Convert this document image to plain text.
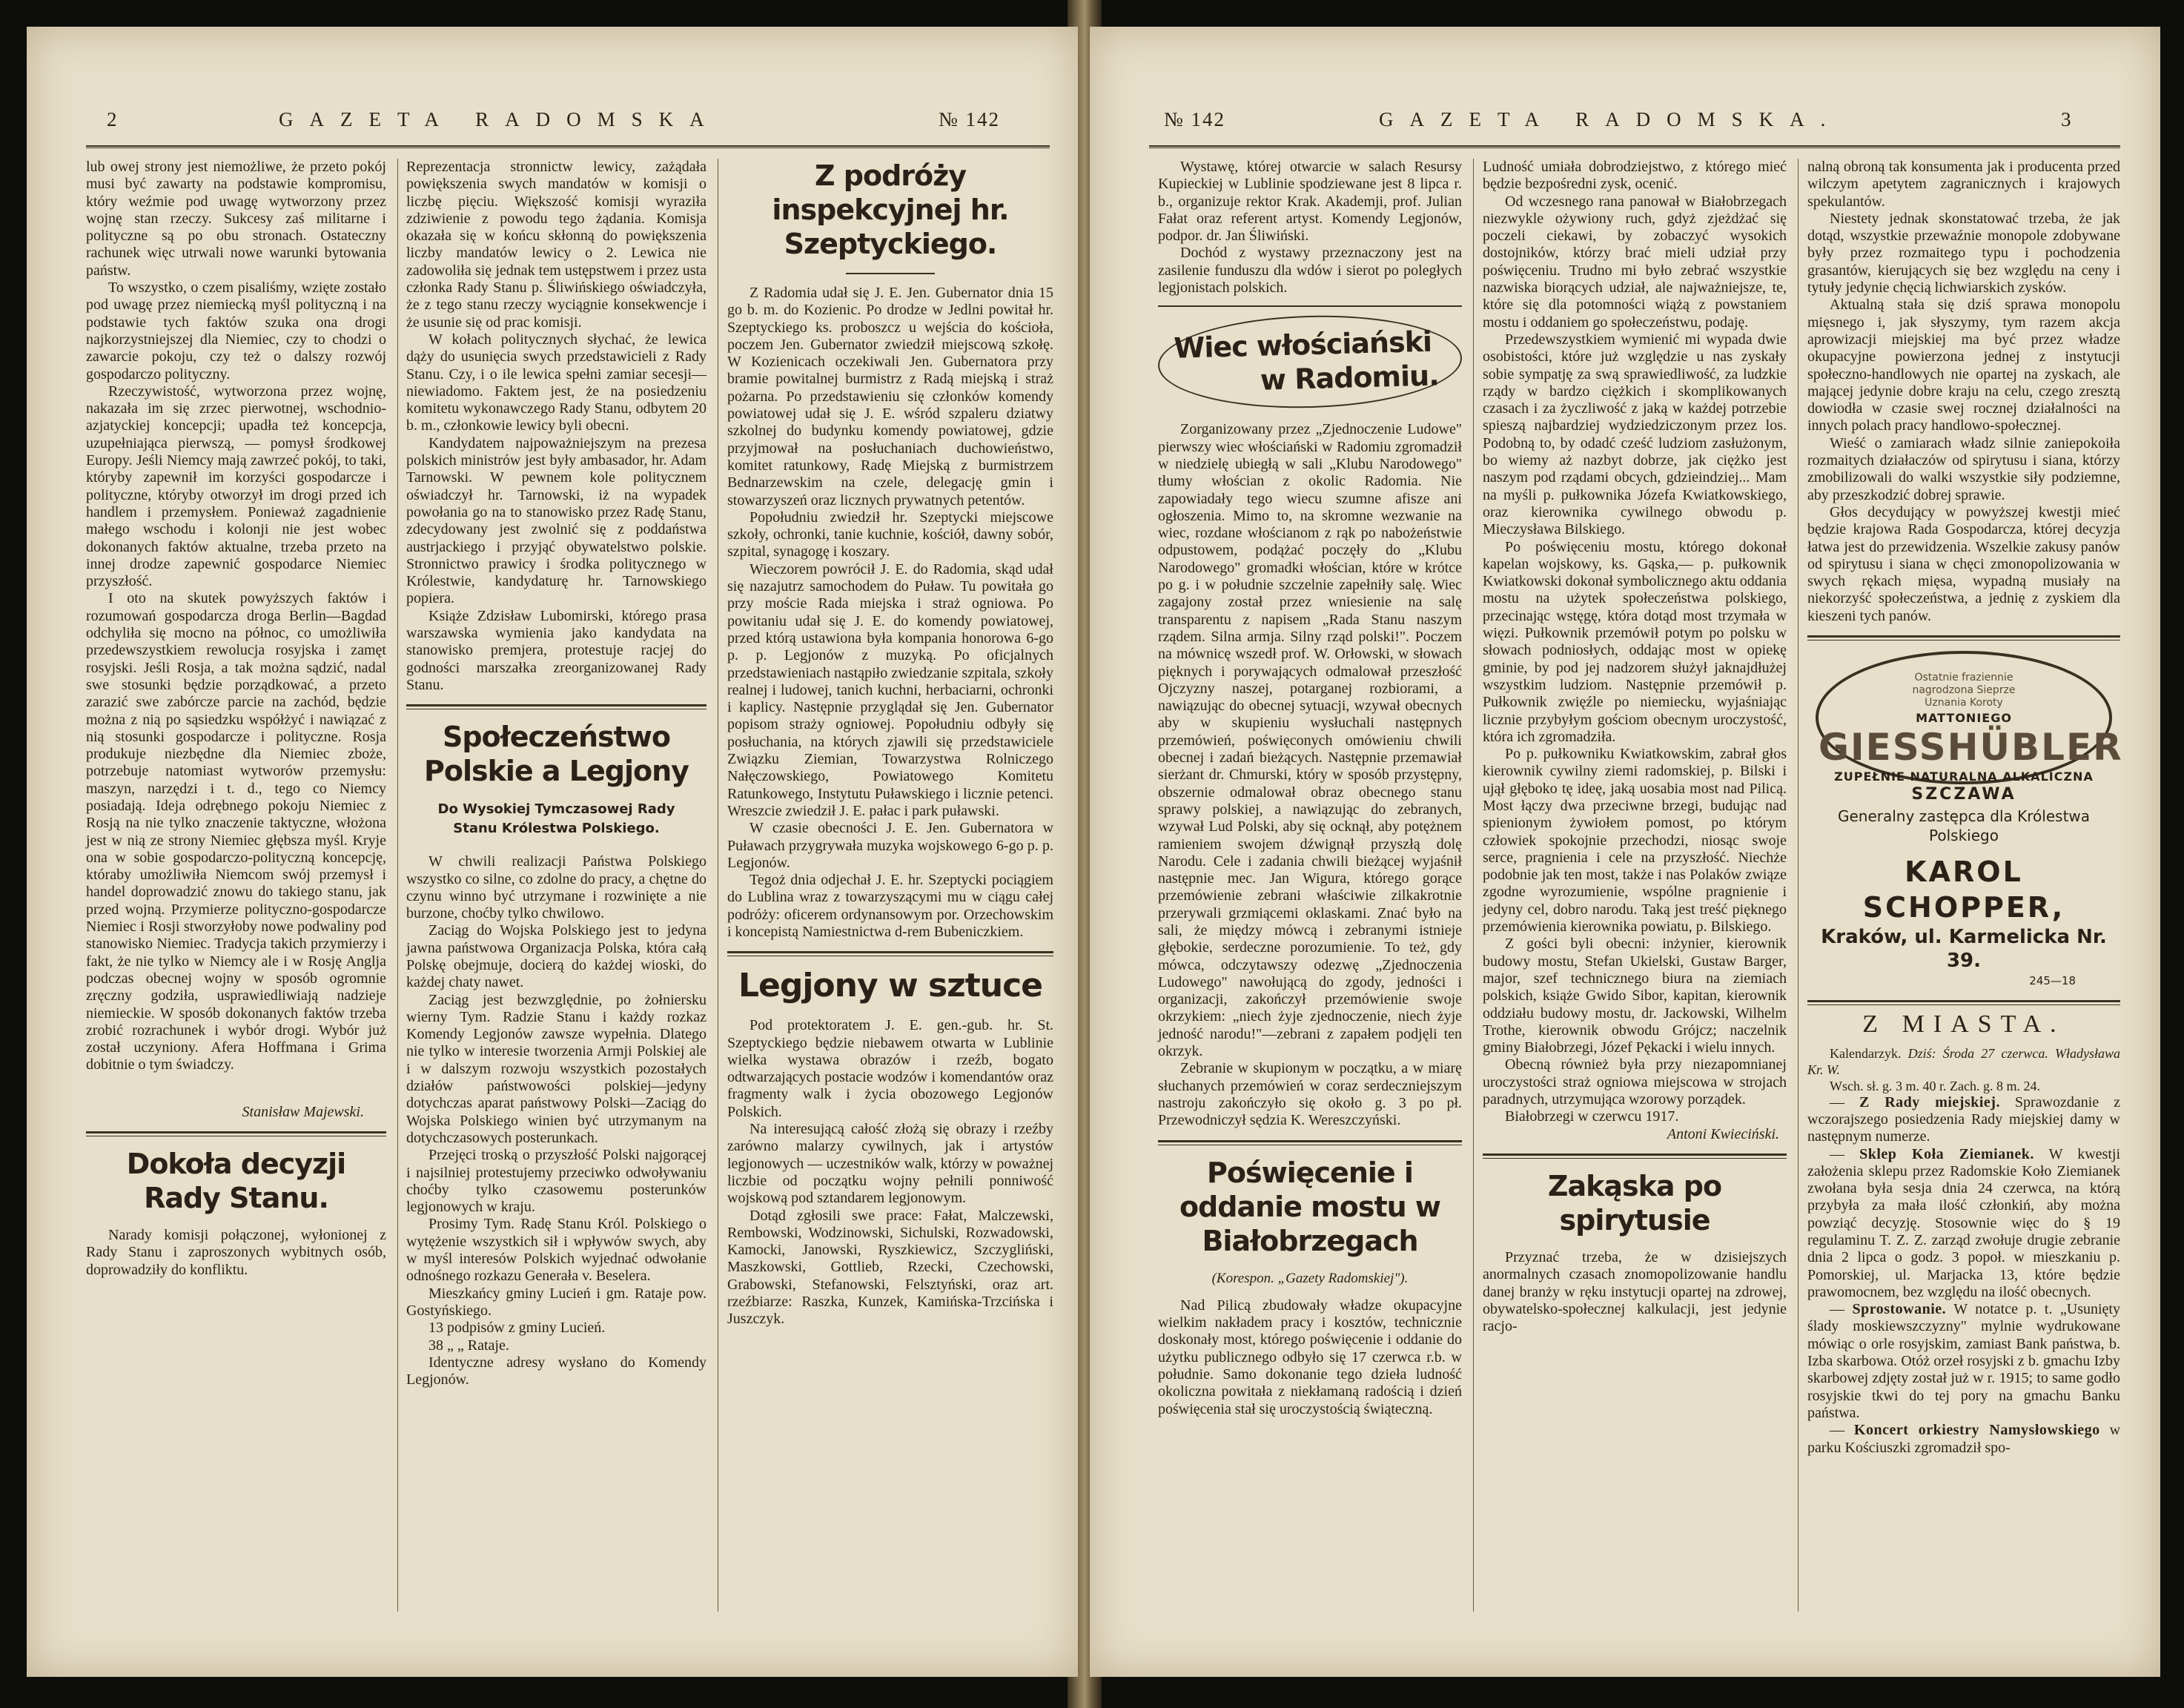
2	GAZETA RADOMSKA	№ 142

lub owej strony jest niemożliwe, że przeto pokój musi być zawarty na podstawie kompromisu, który weźmie pod uwagę wytworzony przez wojnę stan rzeczy. Sukcesy zaś militarne i polityczne są po obu stronach. Ostateczny rachunek więc utrwali nowe warunki bytowania państw.

To wszystko, o czem pisaliśmy, wzięte zostało pod uwagę przez niemiecką myśl polityczną i na podstawie tych faktów szuka ona drogi najkorzystniejszej dla Niemiec, czy to chodzi o zawarcie pokoju, czy też o dalszy rozwój gospodarczo polityczny.

Rzeczywistość, wytworzona przez wojnę, nakazała im się zrzec pierwotnej, wschodnio-azjatyckiej koncepcji; upadła też koncepcja, uzupełniająca pierwszą, — pomysł środkowej Europy. Jeśli Niemcy mają zawrzeć pokój, to taki, któryby zapewnił im korzyści gospodarcze i polityczne, któryby otworzył im drogi przed ich handlem i przemysłem. Ponieważ zagadnienie małego wschodu i kolonji nie jest wobec dokonanych faktów aktualne, trzeba przeto na innej drodze zapewnić gospodarce Niemiec przyszłość.

I oto na skutek powyższych faktów i rozumowań gospodarcza droga Berlin—Bagdad odchyliła się mocno na północ, co umożliwiła przedewszystkiem rewolucja rosyjska i zamęt rosyjski. Jeśli Rosja, a tak można sądzić, nadal swe stosunki będzie porządkować, a przeto zarazić swe zabórcze parcie na zachód, będzie można z nią po sąsiedzku współżyć i nawiązać z nią stosunki gospodarcze i polityczne. Rosja produkuje niezbędne dla Niemiec zboże, potrzebuje natomiast wytworów przemysłu: maszyn, narzędzi i t. d., tego co Niemcy posiadają. Ideja odrębnego pokoju Niemiec z Rosją na nie tylko znaczenie taktyczne, włożona jest w nią ze strony Niemiec głębsza myśl. Kryje ona w sobie gospodarczo-polityczną koncepcję, któraby umożliwiła Niemcom swój przemysł i handel doprowadzić znowu do takiego stanu, jak przed wojną. Przymierze polityczno-gospodarcze Niemiec i Rosji stworzyłoby nowe podwaliny pod stanowisko Niemiec. Tradycja takich przymierzy i fakt, że nie tylko w Niemcy ale i w Rosję Anglja podczas obecnej wojny w sposób ogromnie zręczny godziła, usprawiedliwiają nadzieje niemieckie. W sposób dokonanych faktów trzeba zrobić rozrachunek i wybór drogi. Wybór już został uczyniony. Afera Hoffmana i Grima dobitnie o tym świadczy.

Stanisław Majewski.
Dokoła decyzji Rady Stanu.

Narady komisji połączonej, wyłonionej z Rady Stanu i zaproszonych wybitnych osób, doprowadziły do konfliktu.

Reprezentacja stronnictw lewicy, zażądała powiększenia swych mandatów w komisji o liczbę pięciu. Większość komisji wyraziła zdziwienie z powodu tego żądania. Komisja okazała się w końcu skłonną do powiększenia liczby mandatów lewicy o 2. Lewica nie zadowoliła się jednak tem ustępstwem i przez usta członka Rady Stanu p. Śliwińskiego oświadczyła, że z tego stanu rzeczy wyciągnie konsekwencje i że usunie się od prac komisji.

W kołach politycznych słychać, że lewica dąży do usunięcia swych przedstawicieli z Rady Stanu. Czy, i o ile lewica spełni zamiar secesji—niewiadomo. Faktem jest, że na posiedzeniu komitetu wykonawczego Rady Stanu, odbytem 20 b. m., członkowie lewicy byli obecni.

Kandydatem najpoważniejszym na prezesa polskich ministrów jest były ambasador, hr. Adam Tarnowski. W pewnem kole politycznem oświadczył hr. Tarnowski, iż na wypadek powołania go na to stanowisko przez Radę Stanu, zdecydowany jest zwolnić się z poddaństwa austrjackiego i przyjąć obywatelstwo polskie. Stronnictwo prawicy i środka politycznego w Królestwie, kandydaturę hr. Tarnowskiego popiera.

Książe Zdzisław Lubomirski, którego prasa warszawska wymienia jako kandydata na stanowisko premjera, protestuje racjej do godności marszałka zreorganizowanej Rady Stanu.

Społeczeństwo Polskie a Legjony
Do Wysokiej Tymczasowej Rady Stanu Królestwa Polskiego.

W chwili realizacji Państwa Polskiego wszystko co silne, co zdolne do pracy, a chętne do czynu winno być utrzymane i rozwinięte a nie burzone, choćby tylko chwilowo.

Zaciąg do Wojska Polskiego jest to jedyna jawna państwowa Organizacja Polska, która całą Polskę obejmuje, docierą do każdej wioski, do każdej chaty nawet.

Zaciąg jest bezwzględnie, po żołniersku wierny Tym. Radzie Stanu i każdy rozkaz Komendy Legjonów zawsze wypełnia. Dlatego nie tylko w interesie tworzenia Armji Polskiej ale i w dalszym rozwoju wszystkich pozostałych działów państwowości polskiej—jedyny dotychczas aparat państwowy Polski—Zaciąg do Wojska Polskiego winien być utrzymanym na dotychczasowych posterunkach.

Przejęci troską o przyszłość Polski najgorącej i najsilniej protestujemy przeciwko odwoływaniu choćby tylko czasowemu posterunków legjonowych w kraju.

Prosimy Tym. Radę Stanu Król. Polskiego o wytężenie wszystkich sił i wpływów swych, aby w myśl interesów Polskich wyjednać odwołanie odnośnego rozkazu Generała v. Beselera.

Mieszkańcy gminy Lucień i gm. Rataje pow. Gostyńskiego.

13 podpisów z gminy Lucień.

38 „ „ Rataje.

Identyczne adresy wysłano do Komendy Legjonów.

Z podróży inspekcyjnej hr. Szeptyckiego.

Z Radomia udał się J. E. Jen. Gubernator dnia 15 go b. m. do Kozienic. Po drodze w Jedlni powitał hr. Szeptyckiego ks. proboszcz u wejścia do kościoła, poczem Jen. Gubernator zwiedził miejscową szkołę. W Kozienicach oczekiwali Jen. Gubernatora przy bramie powitalnej burmistrz z Radą miejską i straż pożarna. Po przedstawieniu się członków komendy powiatowej udał się J. E. wśród szpaleru dziatwy szkolnej do budynku komendy powiatowej, gdzie przyjmował na posłuchaniach duchowieństwo, komitet ratunkowy, Radę Miejską z burmistrzem Bednarzewskim na czele, delegację gmin i stowarzyszeń oraz licznych prywatnych petentów.

Popołudniu zwiedził hr. Szeptycki miejscowe szkoły, ochronki, tanie kuchnie, kościół, dawny sobór, szpital, synagogę i koszary.

Wieczorem powrócił J. E. do Radomia, skąd udał się nazajutrz samochodem do Puław. Tu powitała go przy moście Rada miejska i straż ogniowa. Po powitaniu udał się J. E. do komendy powiatowej, przed którą ustawiona była kompania honorowa 6-go p. p. Legjonów z muzyką. Po oficjalnych przedstawieniach nastąpiło zwiedzanie szpitala, szkoły realnej i ludowej, tanich kuchni, herbaciarni, ochronki i kaplicy. Następnie przyglądał się Jen. Gubernator popisom straży ogniowej. Popołudniu odbyły się posłuchania, na których zjawili się przedstawiciele Związku Ziemian, Towarzystwa Rolniczego Nałęczowskiego, Powiatowego Komitetu Ratunkowego, Instytutu Puławskiego i licznie petenci. Wreszcie zwiedził J. E. pałac i park puławski.

W czasie obecności J. E. Jen. Gubernatora w Puławach przygrywała muzyka wojskowego 6-go p. p. Legjonów.

Tegoż dnia odjechał J. E. hr. Szeptycki pociągiem do Lublina wraz z towarzyszącymi mu w ciągu całej podróży: oficerem ordynansowym por. Orzechowskim i koncepistą Namiestnictwa d-rem Bubeniczkiem.

Legjony w sztuce

Pod protektoratem J. E. gen.-gub. hr. St. Szeptyckiego będzie niebawem otwarta w Lublinie wielka wystawa obrazów i rzeźb, bogato odtwarzających postacie wodzów i komendantów oraz fragmenty walk i życia obozowego Legjonów Polskich.

Na interesującą całość złożą się obrazy i rzeźby zarówno malarzy cywilnych, jak i artystów legjonowych — uczestników walk, którzy w poważnej liczbie od początku wojny pełnili ponniwość wojskową pod sztandarem legjonowym.

Dotąd zgłosili swe prace: Fałat, Malczewski, Rembowski, Wodzinowski, Sichulski, Rozwadowski, Kamocki, Janowski, Ryszkiewicz, Szczygliński, Maszkowski, Gottlieb, Rzecki, Czechowski, Grabowski, Stefanowski, Felsztyński, oraz art. rzeźbiarze: Raszka, Kunzek, Kamińska-Trzcińska i Juszczyk.

№ 142	GAZETA RADOMSKA.	3

Wystawę, której otwarcie w salach Resursy Kupieckiej w Lublinie spodziewane jest 8 lipca r. b., organizuje rektor Krak. Akademji, prof. Julian Fałat oraz referent artyst. Komendy Legjonów, podpor. dr. Jan Śliwiński.

Dochód z wystawy przeznaczony jest na zasilenie funduszu dla wdów i sierot po poległych legjonistach polskich.

Wiec włościański
w Radomiu.

Zorganizowany przez „Zjednoczenie Ludowe" pierwszy wiec włościański w Radomiu zgromadził w niedzielę ubiegłą w sali „Klubu Narodowego" tłumy włościan z okolic Radomia. Nie zapowiadały tego wiecu szumne afisze ani ogłoszenia. Mimo to, na skromne wezwanie na wiec, rozdane włościanom z rąk po nabożeństwie odpustowem, podążać poczęły do „Klubu Narodowego" gromadki włościan, które w krótce po g. i w południe szczelnie zapełniły salę. Wiec zagajony został przez wniesienie na salę transparentu z napisem „Rada Stanu naszym rządem. Silna armja. Silny rząd polski!". Poczem na mównicę wszedł prof. W. Orłowski, w słowach pięknych i porywających odmalował przeszłość Ojczyzny naszej, potarganej rozbiorami, a nawiązując do obecnej sytuacji, wzywał obecnych aby w skupieniu wysłuchali następnych przemówień, poświęconych omówieniu chwili obecnej i zadań bieżących. Następnie przemawiał sierżant dr. Chmurski, który w sposób przystępny, obszernie odmalował obraz obecnego stanu sprawy polskiej, a nawiązując do zebranych, wzywał Lud Polski, aby się ocknął, aby potężnem ramieniem swojem dźwignął przyszłą dolę Narodu. Cele i zadania chwili bieżącej wyjaśnił następnie mec. Jan Wigura, którego gorące przemówienie zebrani właściwie zilkakrotnie przerywali grzmiącemi oklaskami. Znać było na sali, że między mówcą i zebranymi istnieje głębokie, serdeczne porozumienie. To też, gdy mówca, odczytawszy odezwę „Zjednoczenia Ludowego" nawołującą do zgody, jedności i organizacji, zakończył przemówienie swoje okrzykiem: „niech żyje zjednoczenie, niech żyje jedność narodu!"—zebrani z zapałem podjęli ten okrzyk.

Zebranie w skupionym w początku, a w miarę słuchanych przemówień w coraz serdeczniejszym nastroju zakończyło się około g. 3 po pł. Przewodniczył sędzia K. Wereszczyński.

Poświęcenie i oddanie mostu w Białobrzegach
(Korespon. „Gazety Radomskiej").

Nad Pilicą zbudowały władze okupacyjne wielkim nakładem pracy i kosztów, technicznie doskonały most, którego poświęcenie i oddanie do użytku publicznego odbyło się 17 czerwca r.b. w południe. Samo dokonanie tego dzieła ludność okoliczna powitała z niekłamaną radością i dzień poświęcenia stał się uroczystością świąteczną.

Ludność umiała dobrodziejstwo, z którego mieć będzie bezpośredni zysk, ocenić.

Od wczesnego rana panował w Białobrzegach niezwykle ożywiony ruch, gdyż zjeżdżać się poczeli ciekawi, by zobaczyć wysokich dostojników, którzy brać mieli udział przy poświęceniu. Trudno mi było zebrać wszystkie nazwiska biorących udział, ale najważniejsze, te, które się dla potomności wiążą z powstaniem mostu i oddaniem go społeczeństwu, podaję.

Przedewszystkiem wymienić mi wypada dwie osobistości, które już względzie u nas zyskały sobie sympatję za swą sprawiedliwość, za ludzkie rządy w bardzo ciężkich i skomplikowanych czasach i za życzliwość z jaką w każdej potrzebie spieszą najbardziej wydziedziczonym przez los. Podobną to, by odadć cześć ludziom zasłużonym, bo wiemy aż nazbyt dobrze, jak ciężko jest naszym pod rządami obcych, gdzieindziej... Mam na myśli p. pułkownika Józefa Kwiatkowskiego, oraz kierownika cywilnego obwodu p. Mieczysława Bilskiego.

Po poświęceniu mostu, którego dokonał kapelan wojskowy, ks. Gąska,— p. pułkownik Kwiatkowski dokonał symbolicznego aktu oddania mostu na użytek społeczeństwa polskiego, przecinając wstęgę, która dotąd most trzymała w więzi. Pułkownik przemówił potym po polsku w słowach podniosłych, oddając most w opiekę gminie, by pod jej nadzorem służył jaknajdłużej wszystkim ludziom. Następnie przemówił p. Pułkownik zwięźle po niemiecku, wyjaśniając licznie przybyłym gościom obecnym uroczystość, która ich zgromadziła.

Po p. pułkowniku Kwiatkowskim, zabrał głos kierownik cywilny ziemi radomskiej, p. Bilski i ujął głęboko tę ideę, jaką uosabia most nad Pilicą. Most łączy dwa przeciwne brzegi, budując nad spienionym żywiołem pomost, po którym człowiek spokojnie przechodzi, niosąc swoje serce, pragnienia i cele na przyszłość. Niechże podobnie jak ten most, także i nas Polaków związe zgodne wyrozumienie, wspólne pragnienie i jedyny cel, dobro narodu. Taką jest treść pięknego przemówienia kierownika powiatu, p. Bilskiego.

Z gości byli obecni: inżynier, kierownik budowy mostu, Stefan Ukielski, Gustaw Barger, major, szef technicznego biura na ziemiach polskich, książe Gwido Sibor, kapitan, kierownik oddziału budowy mostu, dr. Jackowski, Wilhelm Trothe, kierownik obwodu Grójcz; naczelnik gminy Białobrzegi, Józef Pękacki i wielu innych.

Obecną również była przy niezapomnianej uroczystości straż ogniowa miejscowa w strojach paradnych, utrzymująca wzorowy porządek.

Białobrzegi w czerwcu 1917.

Antoni Kwieciński.
Zakąska po spirytusie

Przyznać trzeba, że w dzisiejszych anormalnych czasach znomopolizowanie handlu danej branży w ręku instytucji opartej na zdrowej, obywatelsko-społecznej kalkulacji, jest jedynie racjo-

nalną obroną tak konsumenta jak i producenta przed wilczym apetytem zagranicznych i krajowych spekulantów.

Niestety jednak skonstatować trzeba, że jak dotąd, wszystkie przewaźnie monopole zdobywane były przez rozmaitego typu i pochodzenia grasantów, kierujących się bez względu na ceny i tytuły jedynie chęcią lichwiarskich zysków.

Aktualną stała się dziś sprawa monopolu mięsnego i, jak słyszymy, tym razem akcja aprowizacji miejskiej ma być przez władze okupacyjne powierzona jednej z instytucji społeczno-handlowych nie opartej na zyskach, ale mającej jedynie dobre kraju na celu, czego zresztą dowiodła w czasie swej rocznej działalności na innych polach pracy handlowo-społecznej.

Wieść o zamiarach władz silnie zaniepokoiła rozmaitych działaczów od spirytusu i siana, którzy zmobilizowali do walki wszystkie siły podziemne, aby przeszkodzić dobrej sprawie.

Głos decydujący w powyższej kwestji mieć będzie krajowa Rada Gospodarcza, której decyzja łatwa jest do przewidzenia. Wszelkie zakusy panów od spirytusu i siana w chęci zmonopolizowania w swych rękach mięsa, wypadną musiały na niekorzyść społeczeństwa, a jednię z zyskiem dla kieszeni tych panów.

Ostatnie fraziennie
nagrodzona Sieprze
Uznania Koroty
MATTONIEGO
GIESSHÜBLER
ZUPEŁNIE NATURALNA ALKALICZNA
SZCZAWA
Generalny zastępca dla Królestwa
Polskiego
KAROL SCHOPPER,
Kraków, ul. Karmelicka Nr. 39.
245—18
Z MIASTA.

Kalendarzyk. Dziś: Środa 27 czerwca. Władysława Kr. W.

Wsch. sł. g. 3 m. 40 r. Zach. g. 8 m. 24.

— Z Rady miejskiej. Sprawozdanie z wczorajszego posiedzenia Rady miejskiej damy w następnym numerze.

— Sklep Koła Ziemianek. W kwestji założenia sklepu przez Radomskie Koło Ziemianek zwołana była sesja dnia 24 czerwca, na którą przybyła za mała ilość członkiń, aby można powziąć decyzję. Stosownie więc do § 19 regulaminu T. Z. Z. zarząd zwołuje drugie zebranie dnia 2 lipca o godz. 3 popoł. w mieszkaniu p. Pomorskiej, ul. Marjacka 13, które będzie prawomocnem, bez względu na ilość obecnych.

— Sprostowanie. W notatce p. t. „Usunięty ślady moskiewszczyzny" mylnie wydrukowane mówiąc o orle rosyjskim, zamiast Bank państwa, b. Izba skarbowa. Otóż orzeł rosyjski z b. gmachu Izby skarbowej zdjęty został już w r. 1915; to same godło rosyjskie tkwi do tej pory na gmachu Banku państwa.

— Koncert orkiestry Namysłowskiego w parku Kościuszki zgromadził spo-
